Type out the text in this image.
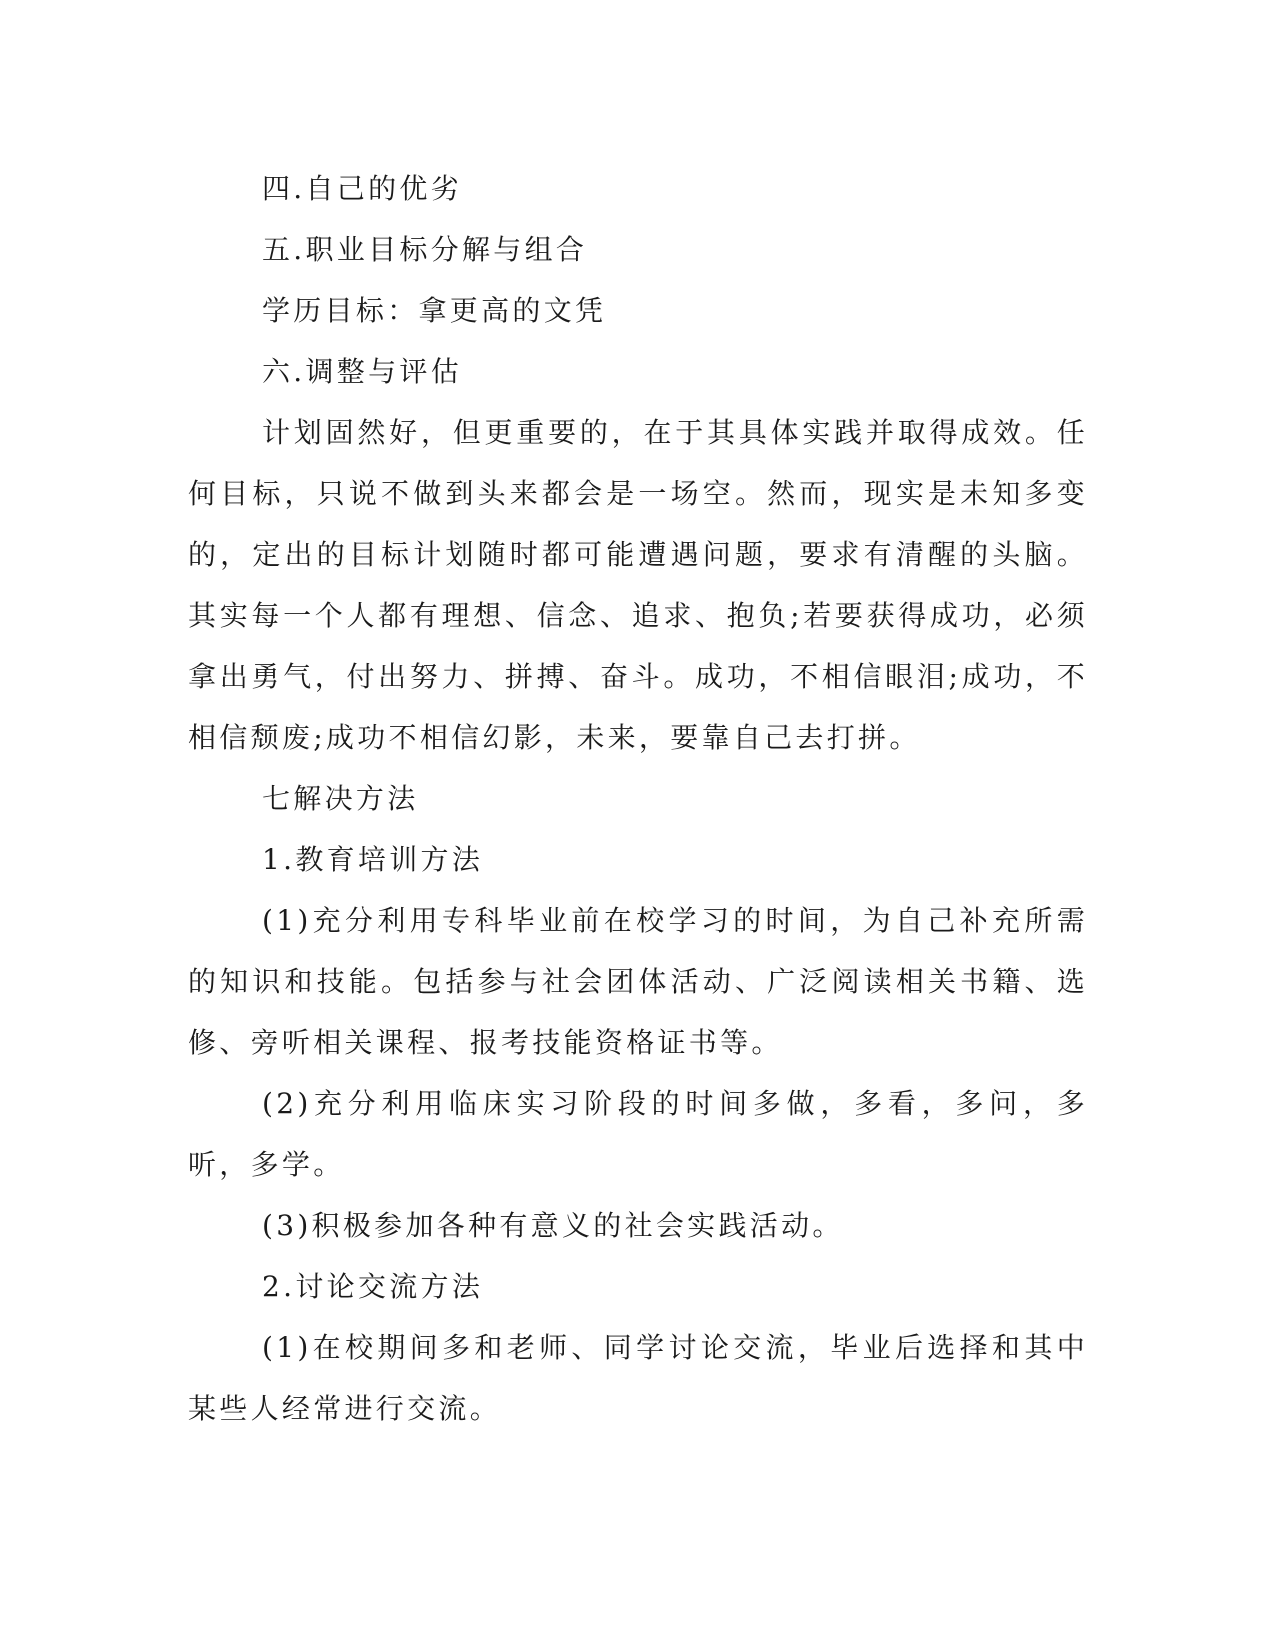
四.自己的优劣

五.职业目标分解与组合

学历目标：拿更高的文凭

六.调整与评估

计划固然好，但更重要的，在于其具体实践并取得成效。任何目标，只说不做到头来都会是一场空。然而，现实是未知多变的，定出的目标计划随时都可能遭遇问题，要求有清醒的头脑。其实每一个人都有理想、信念、追求、抱负;若要获得成功，必须拿出勇气，付出努力、拼搏、奋斗。成功，不相信眼泪;成功，不相信颓废;成功不相信幻影，未来，要靠自己去打拼。

七解决方法

1.教育培训方法

(1)充分利用专科毕业前在校学习的时间，为自己补充所需的知识和技能。包括参与社会团体活动、广泛阅读相关书籍、选修、旁听相关课程、报考技能资格证书等。

(2)充分利用临床实习阶段的时间多做，多看，多问，多听，多学。

(3)积极参加各种有意义的社会实践活动。

2.讨论交流方法

(1)在校期间多和老师、同学讨论交流，毕业后选择和其中某些人经常进行交流。
